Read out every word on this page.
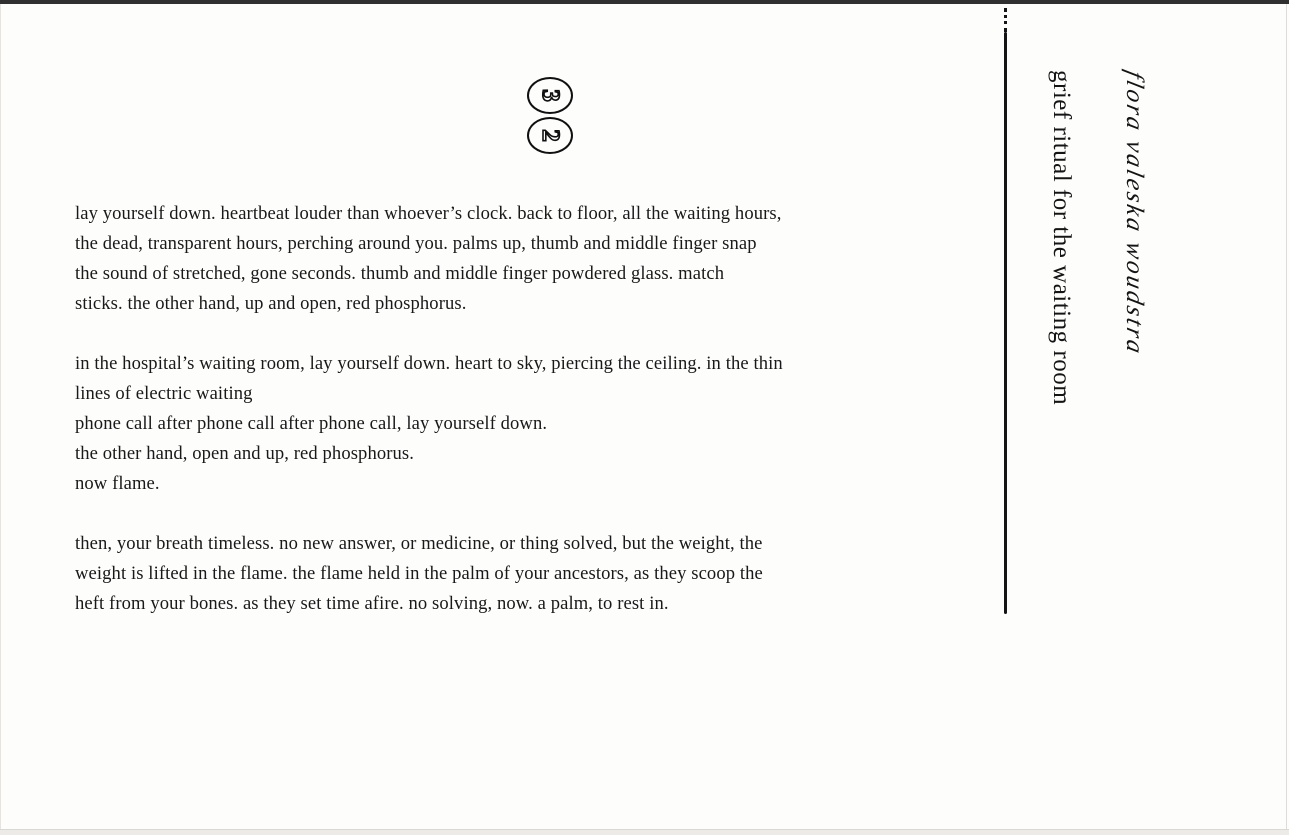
3
2
lay yourself down. heartbeat louder than whoever’s clock. back to floor, all the waiting hours,
the dead, transparent hours, perching around you. palms up, thumb and middle finger snap
the sound of stretched, gone seconds. thumb and middle finger powdered glass. match
sticks. the other hand, up and open, red phosphorus.
in the hospital’s waiting room, lay yourself down. heart to sky, piercing the ceiling. in the thin
lines of electric waiting
phone call after phone call after phone call, lay yourself down.
the other hand, open and up, red phosphorus.
now flame.
then, your breath timeless. no new answer, or medicine, or thing solved, but the weight, the
weight is lifted in the flame. the flame held in the palm of your ancestors, as they scoop the
heft from your bones. as they set time afire. no solving, now. a palm, to rest in.
grief ritual for the waiting room flora valeska woudstra
